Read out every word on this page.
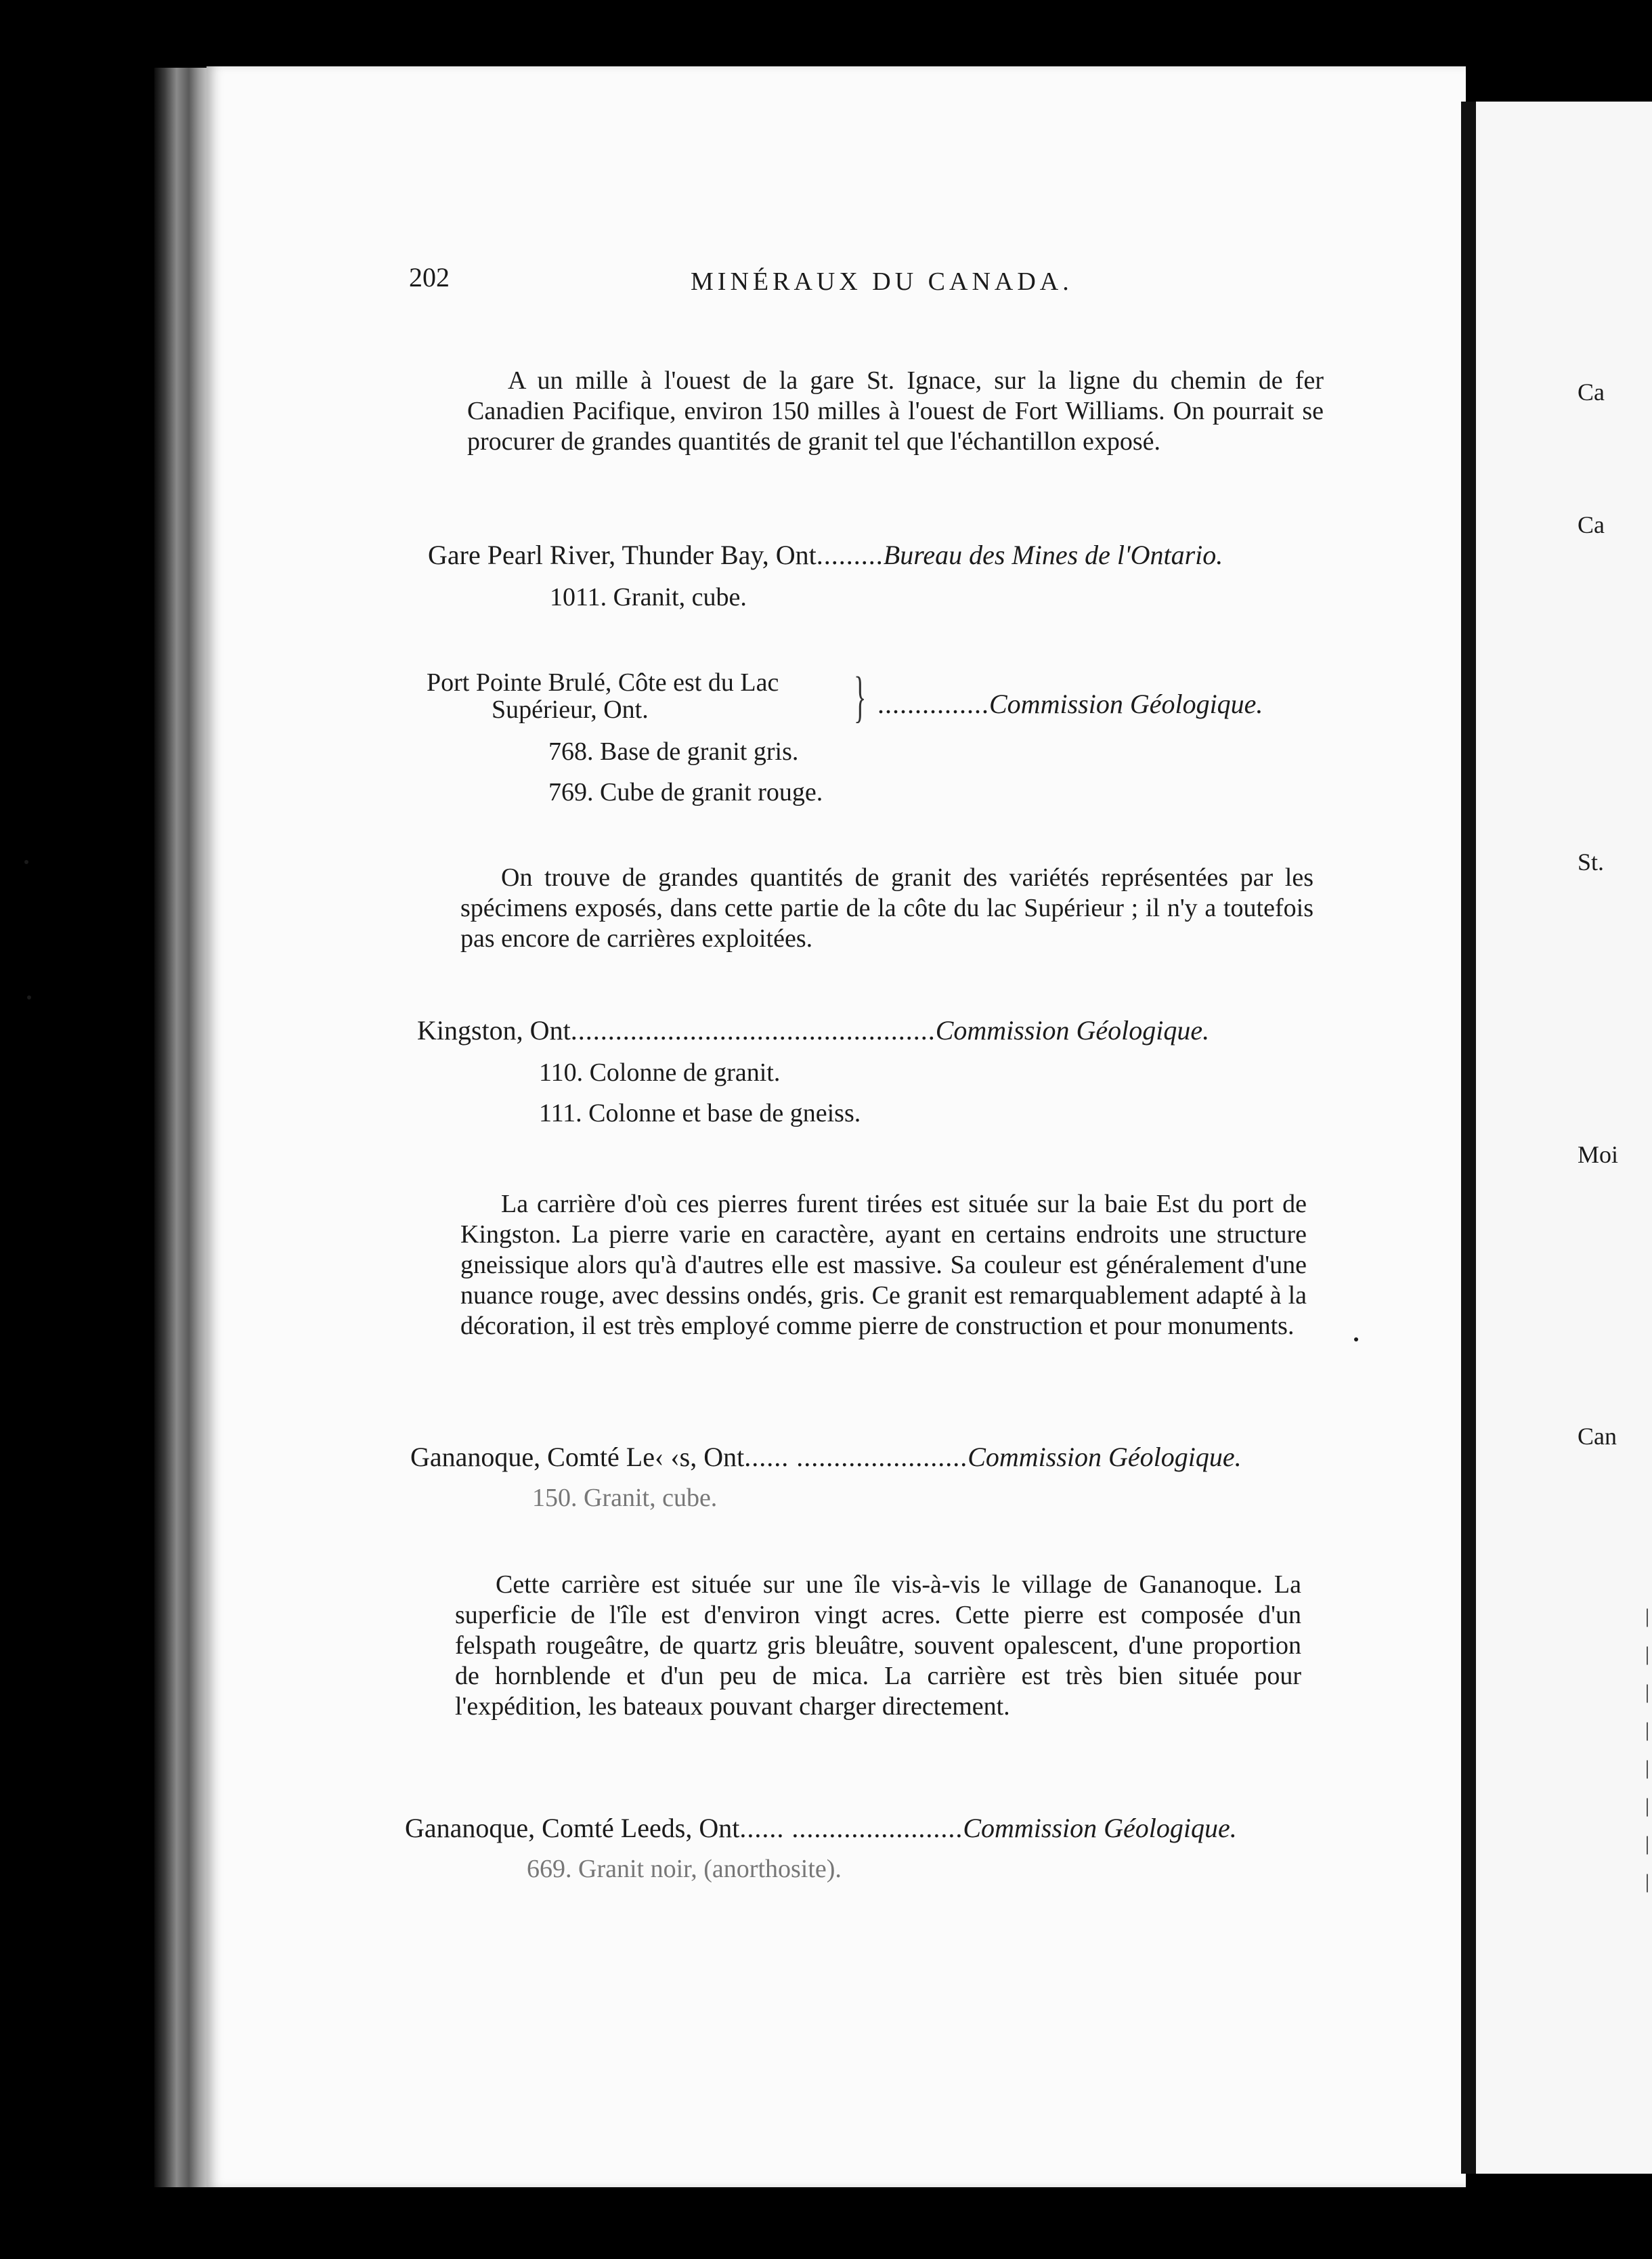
Ca
Ca
St.
Moi
Can
|
|
|
|
|
|
|
|
202	MINÉRAUX DU CANADA.

A un mille à l'ouest de la gare St. Ignace, sur la ligne du chemin de fer Canadien Pacifique, environ 150 milles à l'ouest de Fort Williams. On pourrait se procurer de grandes quantités de granit tel que l'échantillon exposé.

Gare Pearl River, Thunder Bay, Ont.........Bureau des Mines de l'Ontario.
1011. Granit, cube.
Port Pointe Brulé, Côte est du Lac
Supérieur, Ont.	} ...............Commission Géologique.
768. Base de granit gris.
769. Cube de granit rouge.

On trouve de grandes quantités de granit des variétés représentées par les spécimens exposés, dans cette partie de la côte du lac Supérieur ; il n'y a toutefois pas encore de carrières exploitées.

Kingston, Ont.................................................Commission Géologique.
110. Colonne de granit.
111. Colonne et base de gneiss.

La carrière d'où ces pierres furent tirées est située sur la baie Est du port de Kingston. La pierre varie en caractère, ayant en certains endroits une structure gneissique alors qu'à d'autres elle est massive. Sa couleur est généralement d'une nuance rouge, avec dessins ondés, gris. Ce granit est remarquablement adapté à la décoration, il est très employé comme pierre de construction et pour monuments.

Gananoque, Comté Le‹ ‹s, Ont...... .......................Commission Géologique.
150. Granit, cube.

Cette carrière est située sur une île vis-à-vis le village de Gananoque. La superficie de l'île est d'environ vingt acres. Cette pierre est composée d'un felspath rougeâtre, de quartz gris bleuâtre, souvent opalescent, d'une proportion de hornblende et d'un peu de mica. La carrière est très bien située pour l'expédition, les bateaux pouvant charger directement.

Gananoque, Comté Leeds, Ont...... .......................Commission Géologique.
669. Granit noir, (anorthosite).
